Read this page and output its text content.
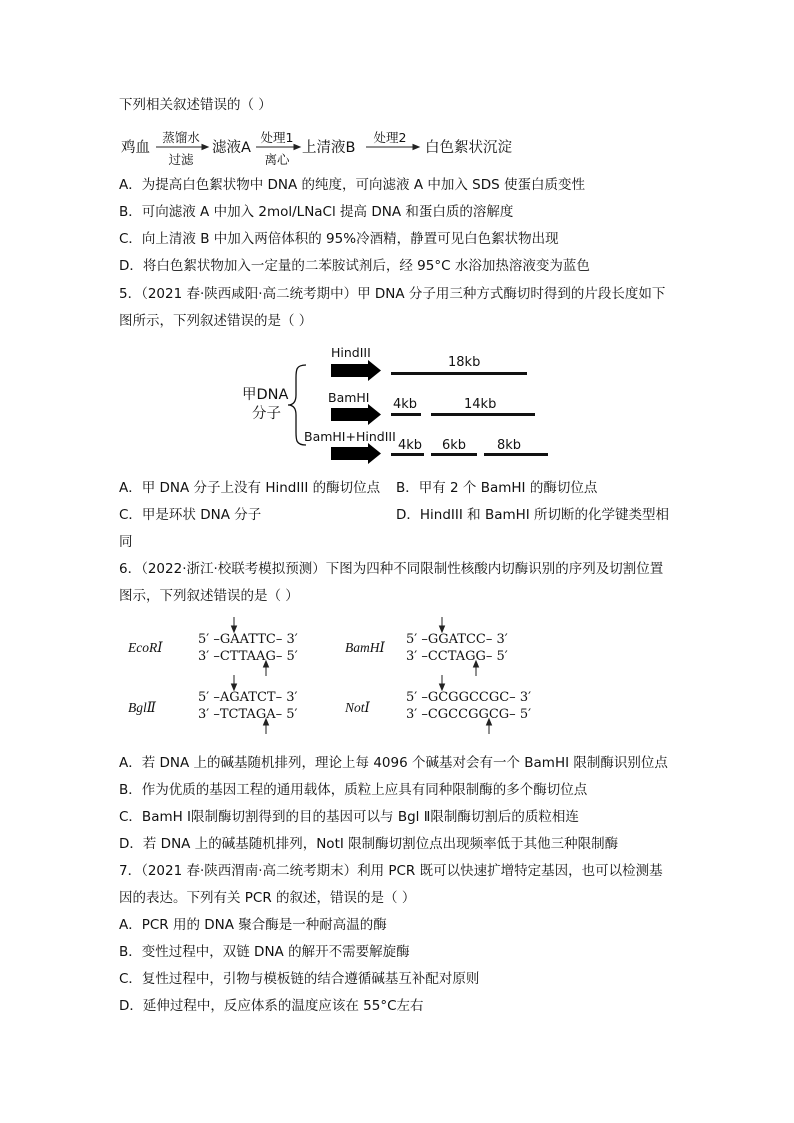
下列相关叙述错误的（ ）
鸡血
蒸馏水
过滤
滤液A
处理1
离心
上清液B
处理2
白色絮状沉淀
A．为提高白色絮状物中 DNA 的纯度，可向滤液 A 中加入 SDS 使蛋白质变性
B．可向滤液 A 中加入 2mol/LNaCl 提高 DNA 和蛋白质的溶解度
C．向上清液 B 中加入两倍体积的 95%冷酒精，静置可见白色絮状物出现
D．将白色絮状物加入一定量的二苯胺试剂后，经 95°C 水浴加热溶液变为蓝色
5．（2021 春·陕西咸阳·高二统考期中）甲 DNA 分子用三种方式酶切时得到的片段长度如下
图所示，下列叙述错误的是（ ）
甲DNA
分子
HindIII
18kb
BamHI 4kb	14kb
BamHI+HindIII
4kb 6kb 8kb
A．甲 DNA 分子上没有 HindIII 的酶切位点 B．甲有 2 个 BamHI 的酶切位点
C．甲是环状 DNA 分子	D．HindIII 和 BamHI 所切断的化学键类型相
同
6．（2022·浙江·校联考模拟预测）下图为四种不同限制性核酸内切酶识别的序列及切割位置
图示，下列叙述错误的是（ ）
EcoRⅠ
5′ –GAATTC– 3′
3′ –CTTAAG– 5′
BamHⅠ
5′ –GGATCC– 3′
3′ –CCTAGG– 5′
BglⅡ
5′ –AGATCT– 3′
3′ –TCTAGA– 5′	NotⅠ
5′ –GCGGCCGC– 3′
3′ –CGCCGGCG– 5′
A．若 DNA 上的碱基随机排列，理论上每 4096 个碱基对会有一个 BamHI 限制酶识别位点
B．作为优质的基因工程的通用载体，质粒上应具有同种限制酶的多个酶切位点
C．BamH Ⅰ限制酶切割得到的目的基因可以与 Bgl Ⅱ限制酶切割后的质粒相连
D．若 DNA 上的碱基随机排列，NotI 限制酶切割位点出现频率低于其他三种限制酶
7．（2021 春·陕西渭南·高二统考期末）利用 PCR 既可以快速扩增特定基因，也可以检测基
因的表达。下列有关 PCR 的叙述，错误的是（ ）
A．PCR 用的 DNA 聚合酶是一种耐高温的酶
B．变性过程中，双链 DNA 的解开不需要解旋酶
C．复性过程中，引物与模板链的结合遵循碱基互补配对原则
D．延伸过程中，反应体系的温度应该在 55°C左右
